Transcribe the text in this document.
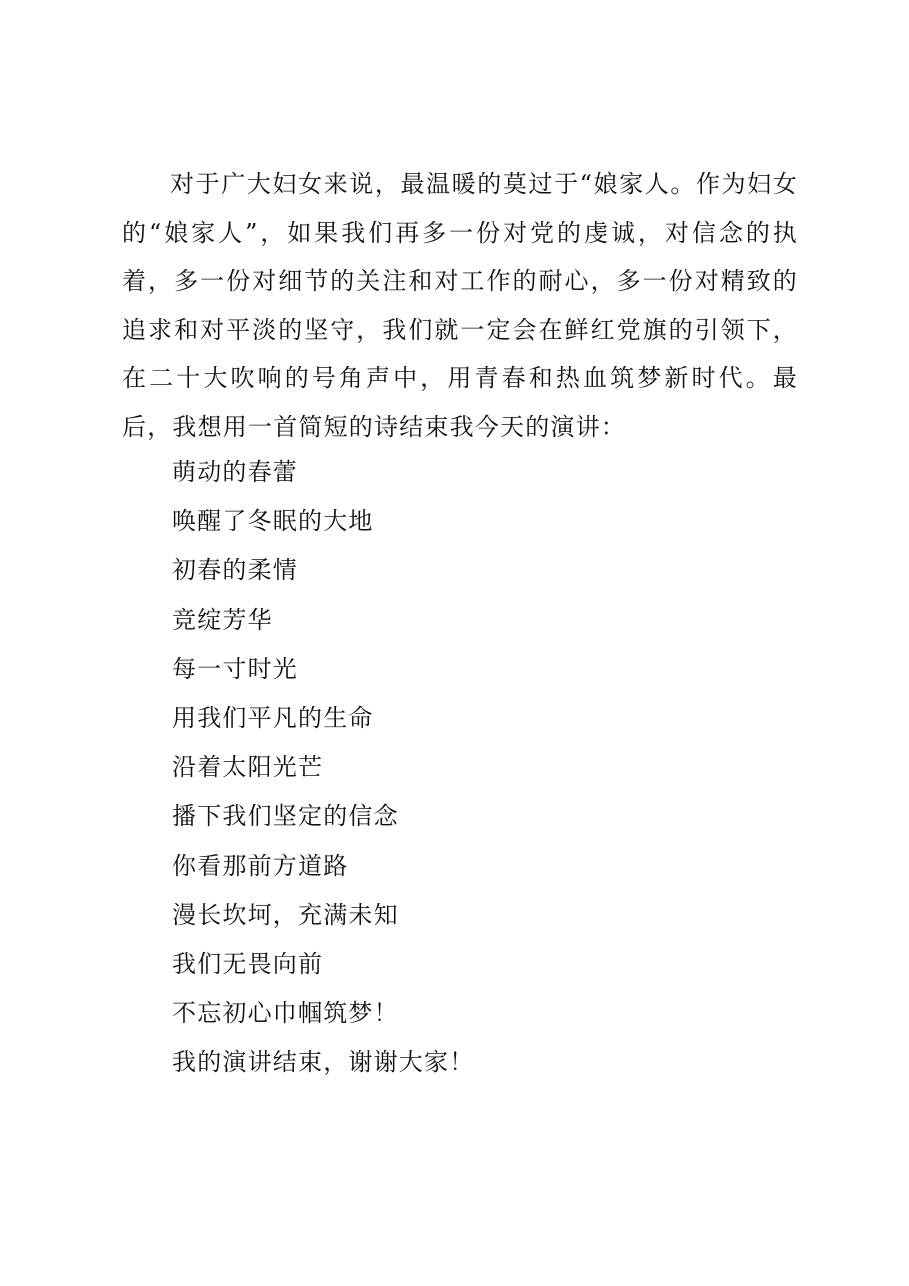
对于广大妇女来说，最温暖的莫过于“娘家人。作为妇女的“娘家人”，如果我们再多一份对党的虔诚，对信念的执着，多一份对细节的关注和对工作的耐心，多一份对精致的追求和对平淡的坚守，我们就一定会在鲜红党旗的引领下，在二十大吹响的号角声中，用青春和热血筑梦新时代。最后，我想用一首简短的诗结束我今天的演讲：

萌动的春蕾
唤醒了冬眠的大地
初春的柔情
竞绽芳华
每一寸时光
用我们平凡的生命
沿着太阳光芒
播下我们坚定的信念
你看那前方道路
漫长坎坷，充满未知
我们无畏向前
不忘初心巾帼筑梦！
我的演讲结束，谢谢大家！
